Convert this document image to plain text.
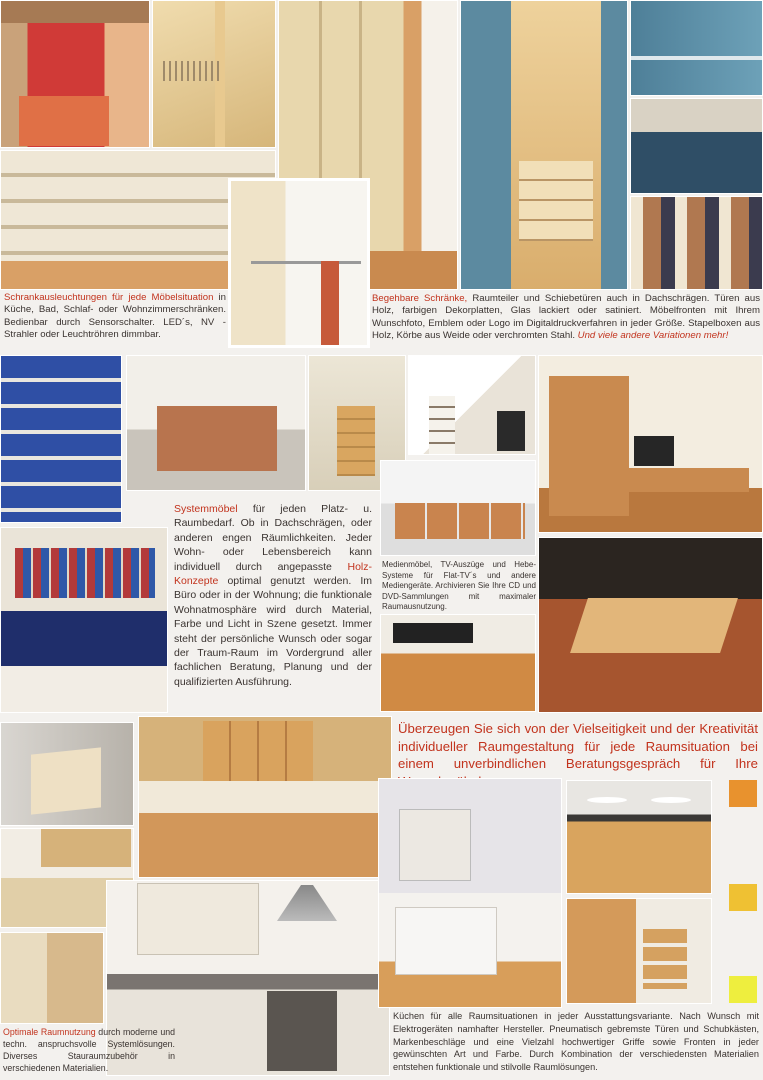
Schrankausleuchtungen für jede Möbelsituation in Küche, Bad, Schlaf- oder Wohnzimmerschränken. Bedienbar durch Sensorschalter. LED´s, NV - Strahler oder Leuchtröhren dimmbar.
Begehbare Schränke, Raumteiler und Schiebetüren auch in Dachschrägen. Türen aus Holz, farbigen Dekorplatten, Glas lackiert oder satiniert. Möbelfronten mit Ihrem Wunschfoto, Emblem oder Logo im Digitaldruckverfahren in jeder Größe. Stapelboxen aus Holz, Körbe aus Weide oder verchromten Stahl. Und viele andere Variationen mehr!
Systemmöbel für jeden Platz- u. Raumbedarf. Ob in Dachschrägen, oder anderen engen Räumlichkeiten. Jeder Wohn- oder Lebensbereich kann individuell durch angepasste Holz-Konzepte optimal genutzt werden. Im Büro oder in der Wohnung; die funktionale Wohnatmosphäre wird durch Material, Farbe und Licht in Szene gesetzt. Immer steht der persönliche Wunsch oder sogar der Traum-Raum im Vordergrund aller fachlichen Beratung, Planung und der qualifizierten Ausführung.
Medienmöbel, TV-Auszüge und Hebe-Systeme für Flat-TV´s und andere Mediengeräte. Archivieren Sie Ihre CD und DVD-Sammlungen mit maximaler Raumausnutzung.
Überzeugen Sie sich von der Vielseitigkeit und der Kreativität individueller Raumgestaltung für jede Raumsituation bei einem unverbindlichen Beratungsgespräch für Ihre
Optimale Raumnutzung durch moderne und techn. anspruchsvolle Systemlösungen. Diverses Stauraumzubehör in verschiedenen Materialien.
Küchen für alle Raumsituationen in jeder Ausstattungsvariante. Nach Wunsch mit Elektrogeräten namhafter Hersteller. Pneumatisch gebremste Türen und Schubkästen, Markenbeschläge und eine Vielzahl hochwertiger Griffe sowie Fronten in jeder gewünschten Art und Farbe. Durch Kombination der verschiedensten Materialien entstehen funktionale und stilvolle Raumlösungen.
